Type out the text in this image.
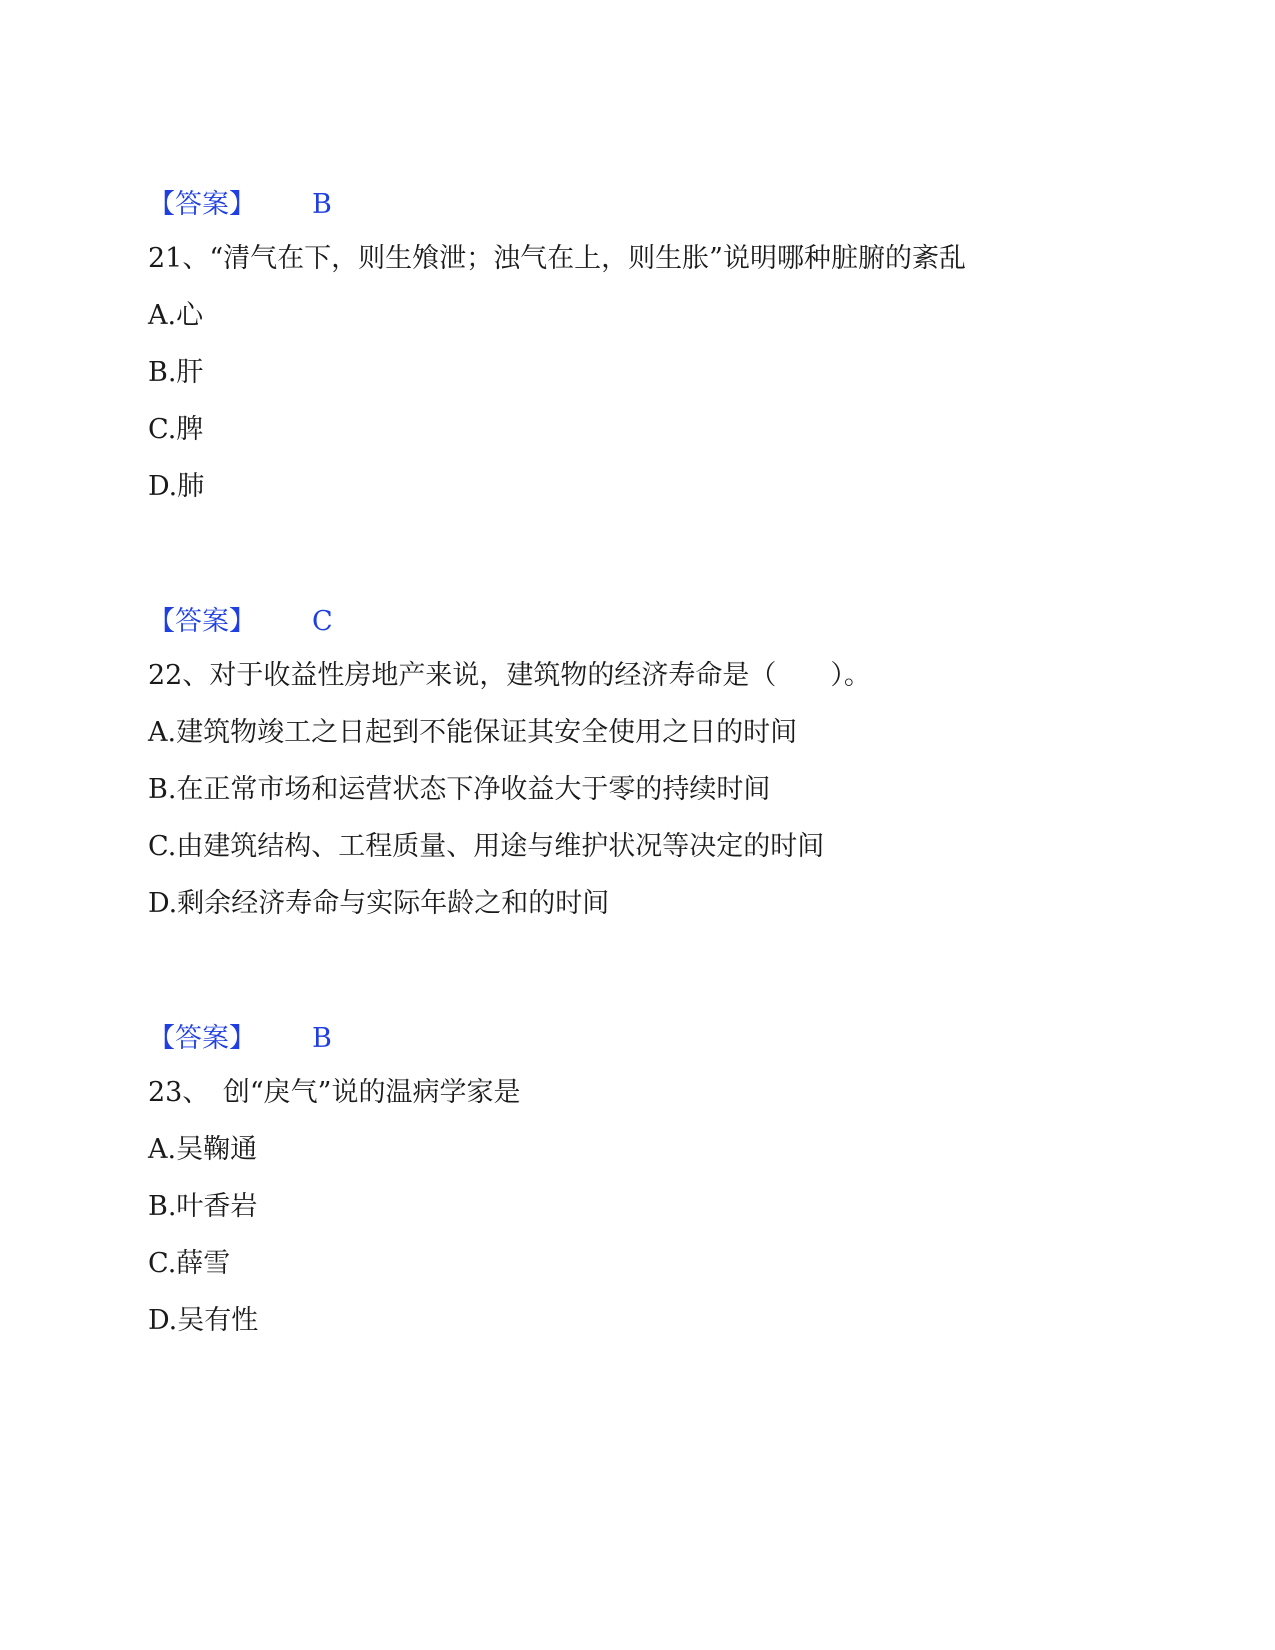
【答案】 B
21、“清气在下，则生飧泄；浊气在上，则生胀”说明哪种脏腑的紊乱
A.心
B.肝
C.脾
D.肺
【答案】 C
22、对于收益性房地产来说，建筑物的经济寿命是（　　）。
A.建筑物竣工之日起到不能保证其安全使用之日的时间
B.在正常市场和运营状态下净收益大于零的持续时间
C.由建筑结构、工程质量、用途与维护状况等决定的时间
D.剩余经济寿命与实际年龄之和的时间
【答案】 B
23、　创“戾气”说的温病学家是
A.吴鞠通
B.叶香岩
C.薛雪
D.吴有性
